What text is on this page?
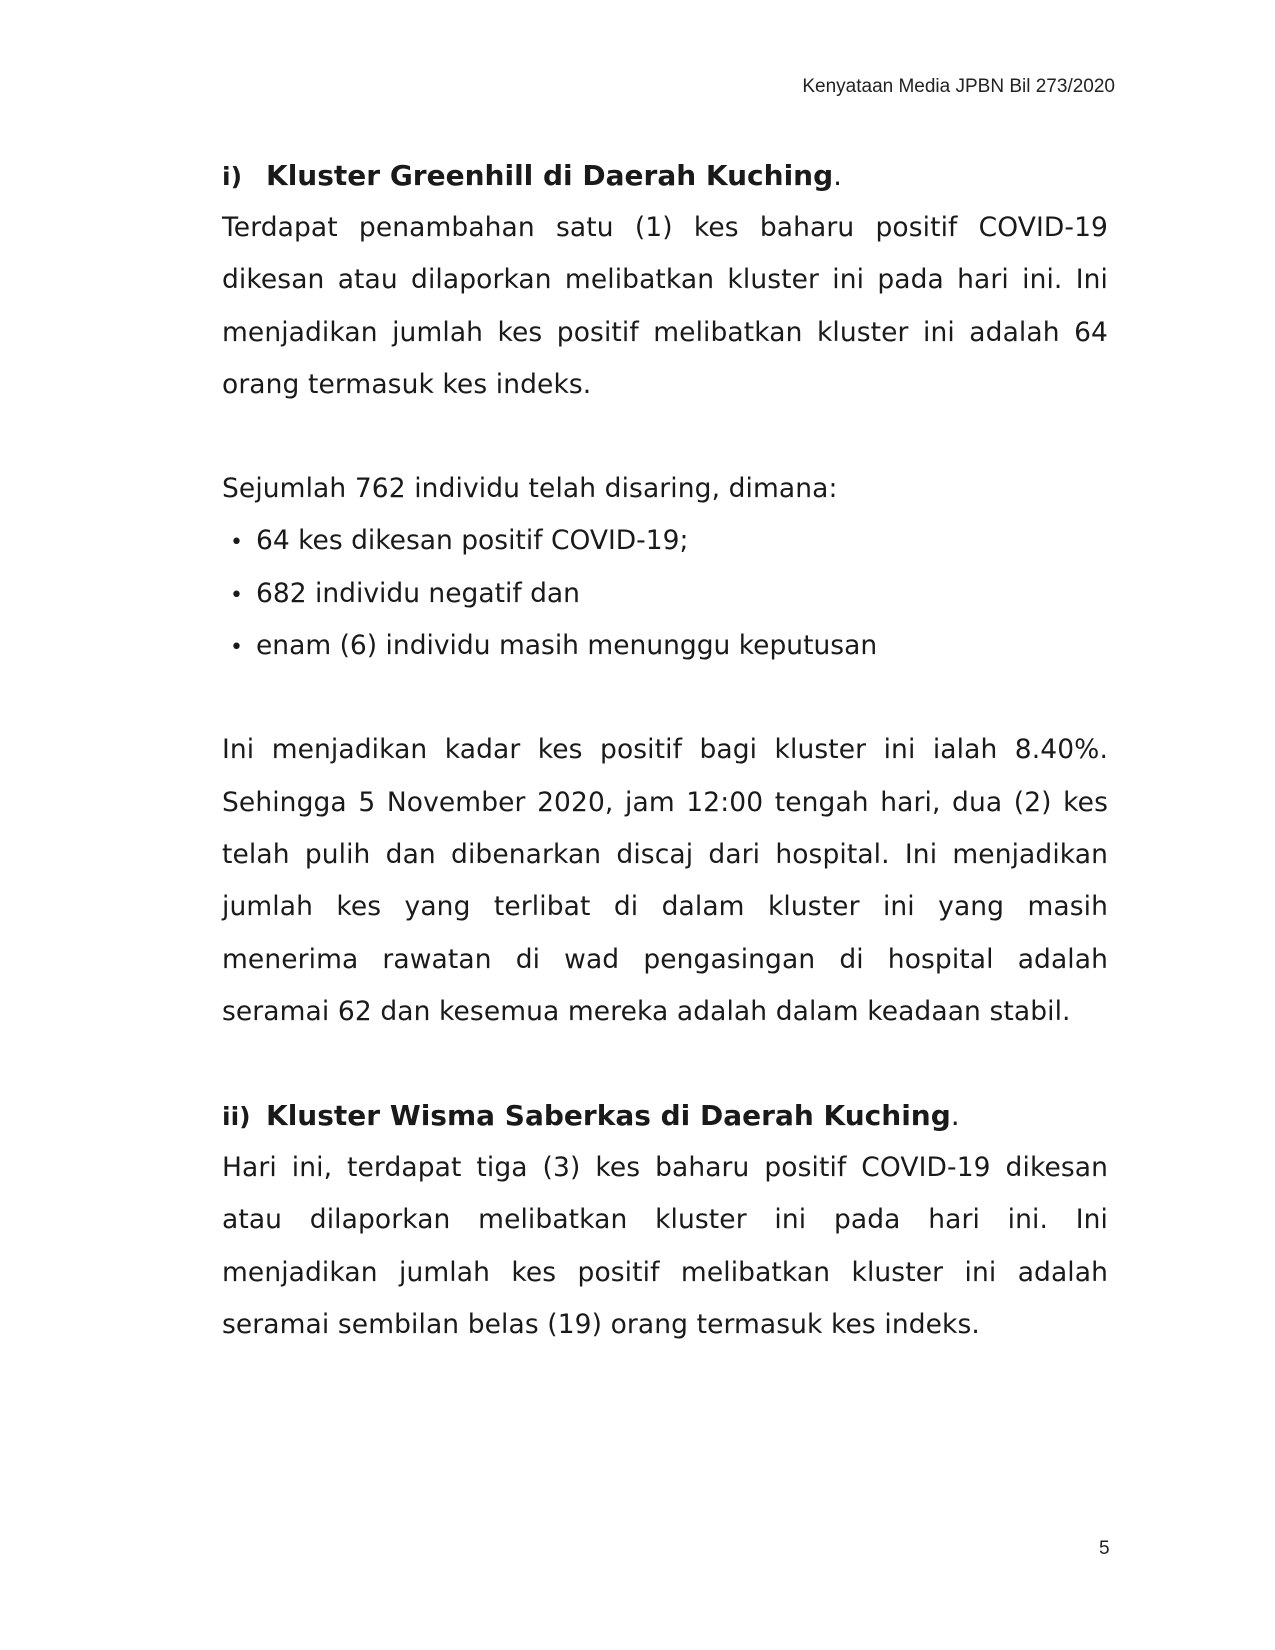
Kenyataan Media JPBN Bil 273/2020
i) Kluster Greenhill di Daerah Kuching.

Terdapat penambahan satu (1) kes baharu positif COVID-19 dikesan atau dilaporkan melibatkan kluster ini pada hari ini. Ini menjadikan jumlah kes positif melibatkan kluster ini adalah 64 orang termasuk kes indeks.

Sejumlah 762 individu telah disaring, dimana:

• 64 kes dikesan positif COVID-19;
• 682 individu negatif dan
• enam (6) individu masih menunggu keputusan

Ini menjadikan kadar kes positif bagi kluster ini ialah 8.40%. Sehingga 5 November 2020, jam 12:00 tengah hari, dua (2) kes telah pulih dan dibenarkan discaj dari hospital. Ini menjadikan jumlah kes yang terlibat di dalam kluster ini yang masih menerima rawatan di wad pengasingan di hospital adalah seramai 62 dan kesemua mereka adalah dalam keadaan stabil.

ii) Kluster Wisma Saberkas di Daerah Kuching.

Hari ini, terdapat tiga (3) kes baharu positif COVID-19 dikesan atau dilaporkan melibatkan kluster ini pada hari ini. Ini menjadikan jumlah kes positif melibatkan kluster ini adalah seramai sembilan belas (19) orang termasuk kes indeks.

5
